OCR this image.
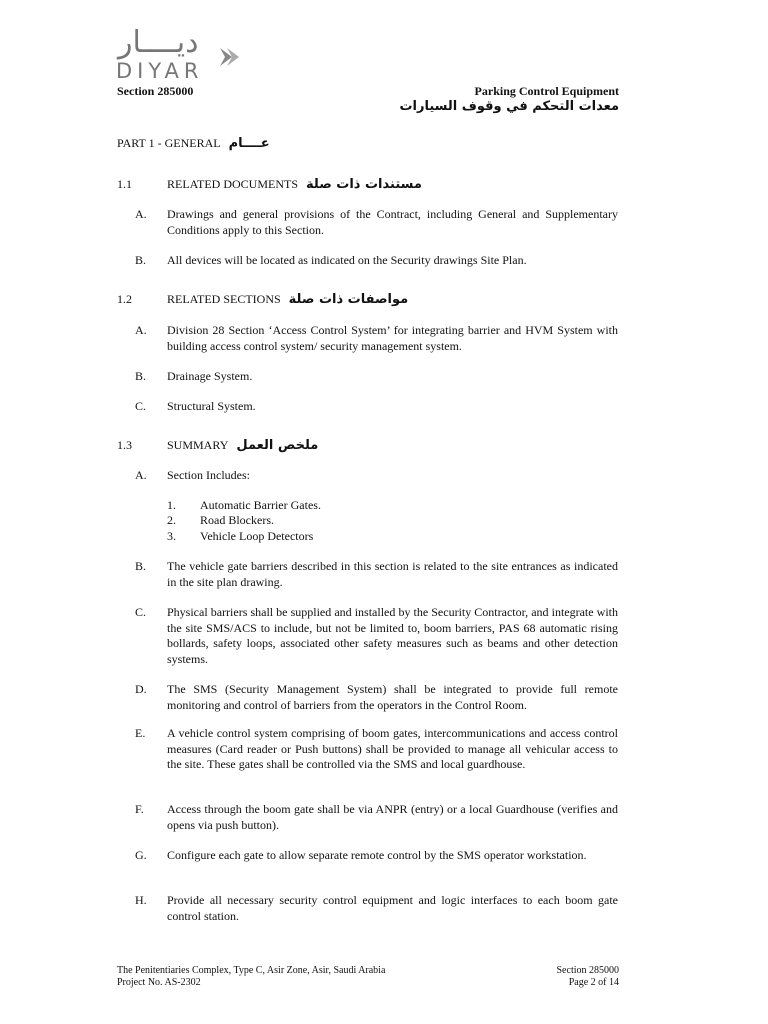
ديــــار
DIYAR
Section 285000	Parking Control Equipment
معدات التحكم في وقوف السيارات
PART 1 - GENERAL عــــام
1.1	RELATED DOCUMENTS مستندات ذات صلة
A. Drawings and general provisions of the Contract, including General and Supplementary Conditions apply to this Section.
B. All devices will be located as indicated on the Security drawings Site Plan.
1.2	RELATED SECTIONS مواصفات ذات صلة
A. Division 28 Section ‘Access Control System’ for integrating barrier and HVM System with building access control system/ security management system.
B. Drainage System.
C. Structural System.
1.3	SUMMARY ملخص العمل
A. Section Includes:
1. Automatic Barrier Gates.
2. Road Blockers.
3. Vehicle Loop Detectors
B. The vehicle gate barriers described in this section is related to the site entrances as indicated in the site plan drawing.
C. Physical barriers shall be supplied and installed by the Security Contractor, and integrate with the site SMS/ACS to include, but not be limited to, boom barriers, PAS 68 automatic rising bollards, safety loops, associated other safety measures such as beams and other detection systems.
D. The SMS (Security Management System) shall be integrated to provide full remote monitoring and control of barriers from the operators in the Control Room.
E. A vehicle control system comprising of boom gates, intercommunications and access control measures (Card reader or Push buttons) shall be provided to manage all vehicular access to the site. These gates shall be controlled via the SMS and local guardhouse.
F. Access through the boom gate shall be via ANPR (entry) or a local Guardhouse (verifies and opens via push button).
G. Configure each gate to allow separate remote control by the SMS operator workstation.
H. Provide all necessary security control equipment and logic interfaces to each boom gate control station.
The Penitentiaries Complex, Type C, Asir Zone, Asir, Saudi Arabia
Project No. AS-2302
Section 285000
Page 2 of 14
